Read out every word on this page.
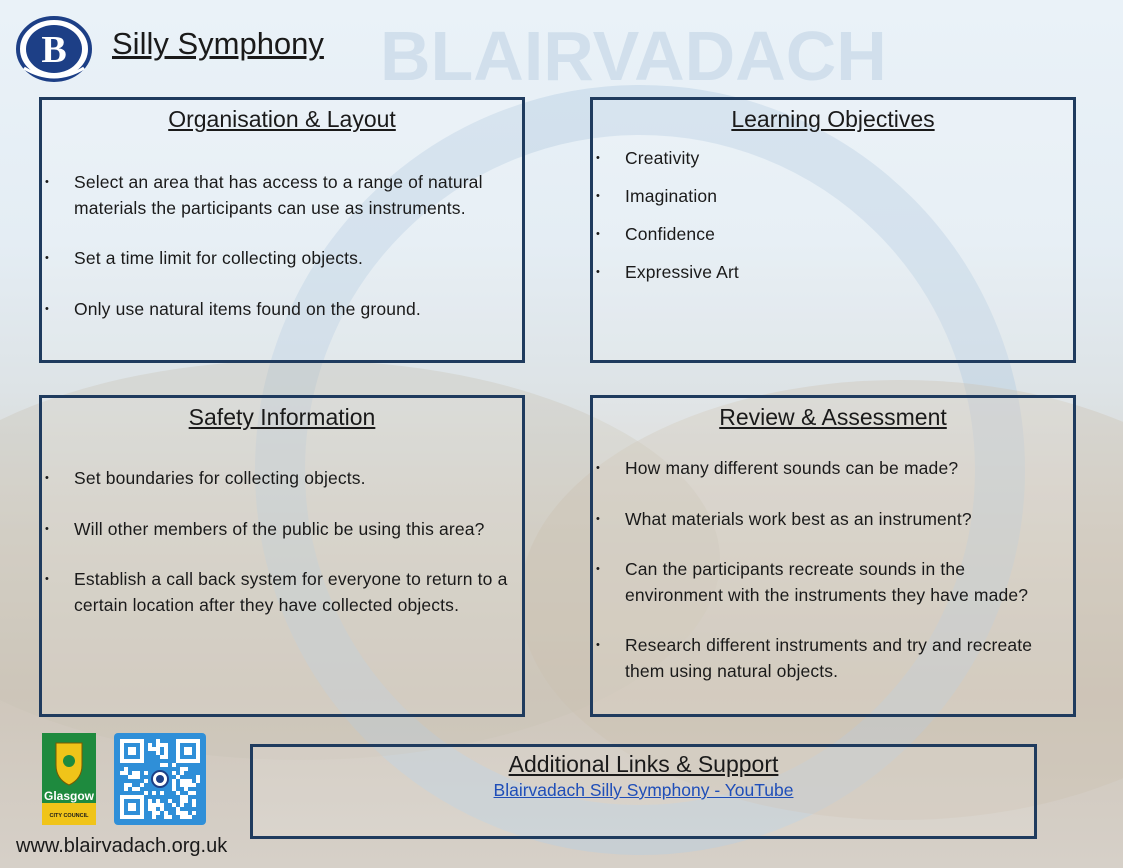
BLAIRVADACH
B Silly Symphony
Organisation & Layout
• Select an area that has access to a range of natural materials the participants can use as instruments.
• Set a time limit for collecting objects.
• Only use natural items found on the ground.
Learning Objectives
• Creativity
• Imagination
• Confidence
• Expressive Art
Safety Information
• Set boundaries for collecting objects.
• Will other members of the public be using this area?
• Establish a call back system for everyone to return to a certain location after they have collected objects.
Review & Assessment
• How many different sounds can be made?
• What materials work best as an instrument?
• Can the participants recreate sounds in the environment with the instruments they have made?
• Research different instruments and try and recreate them using natural objects.
Glasgow
CITY COUNCIL
www.blairvadach.org.uk
Additional Links & Support
Blairvadach Silly Symphony - YouTube
